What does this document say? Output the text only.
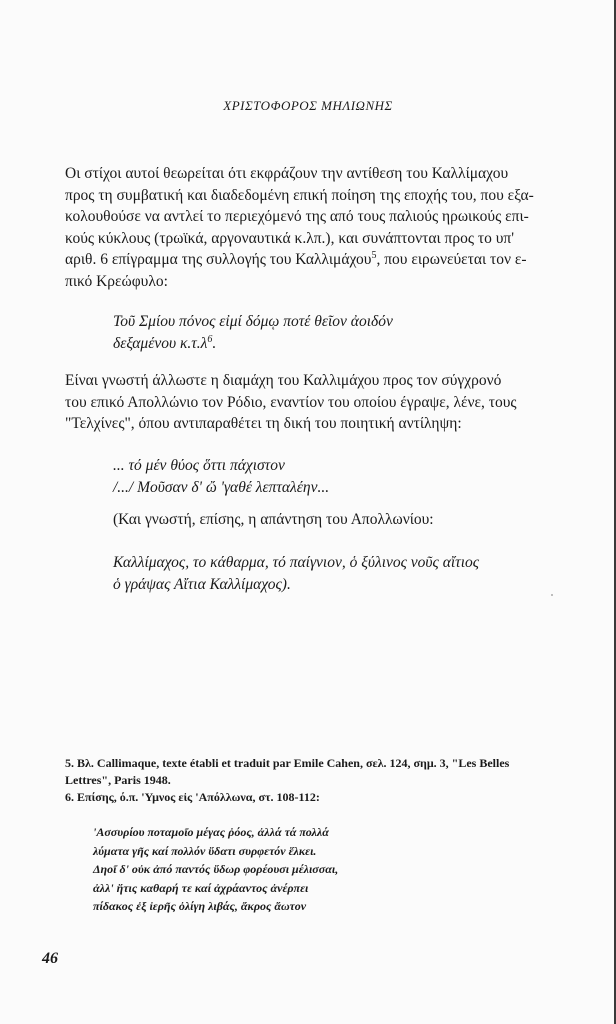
ΧΡΙΣΤΟΦΟΡΟΣ ΜΗΛΙΩΝΗΣ

Οι στίχοι αυτοί θεωρείται ότι εκφράζουν την αντίθεση του Καλλίμαχου
προς τη συμβατική και διαδεδομένη επική ποίηση της εποχής του, που εξα-
κολουθούσε να αντλεί το περιεχόμενό της από τους παλιούς ηρωικούς επι-
κούς κύκλους (τρωϊκά, αργοναυτικά κ.λπ.), και συνάπτονται προς το υπ'
αριθ. 6 επίγραμμα της συλλογής του Καλλιμάχου$^5$, που ειρωνεύεται τον ε-
πικό Κρεώφυλο:

Τοῦ Σμίου πόνος εἰμί δόμῳ ποτέ θεῖον ἀοιδόν
δεξαμένου $\kappa.\tau.\lambda^6$.

Είναι γνωστή άλλωστε η διαμάχη του Καλλιμάχου προς τον σύγχρονό
του επικό Απολλώνιο τον Ρόδιο, εναντίον του οποίου έγραψε, λένε, τους
"Τελχίνες", όπου αντιπαραθέτει τη δική του ποιητική αντίληψη:

... τό μέν θύος ὅττι πάχιστον
/.../ Μοῦσαν δ' ὤ 'γαθέ λεπταλέην...

(Και γνωστή, επίσης, η απάντηση του Απολλωνίου:

Καλλίμαχος, το κάθαρμα, τό παίγνιον, ὁ ξύλινος νοῦς αἴτιος
ὁ γράψας Αἴτια Καλλίμαχος).

5. Βλ. Callimaque, texte établi et traduit par Emile Cahen, σελ. 124, σημ. 3, "Les Belles
Lettres", Paris 1948.

6. Επίσης, ό.π. 'Υμνος εἰς 'Απόλλωνα, στ. 108-112:

'Ασσυρίου ποταμοῖο μέγας ῥόος, ἀλλά τά πολλά
λύματα γῆς καί πολλόν ὕδατι συρφετόν ἕλκει.
Δηοῖ δ' οὐκ ἀπό παντός ὕδωρ φορέουσι μέλισσαι,
ἀλλ' ἥτις καθαρή τε καί ἀχράαντος ἀνέρπει
πίδακος ἐξ ἱερῆς ὀλίγη λιβάς, ἄκρος ἄωτον
46
